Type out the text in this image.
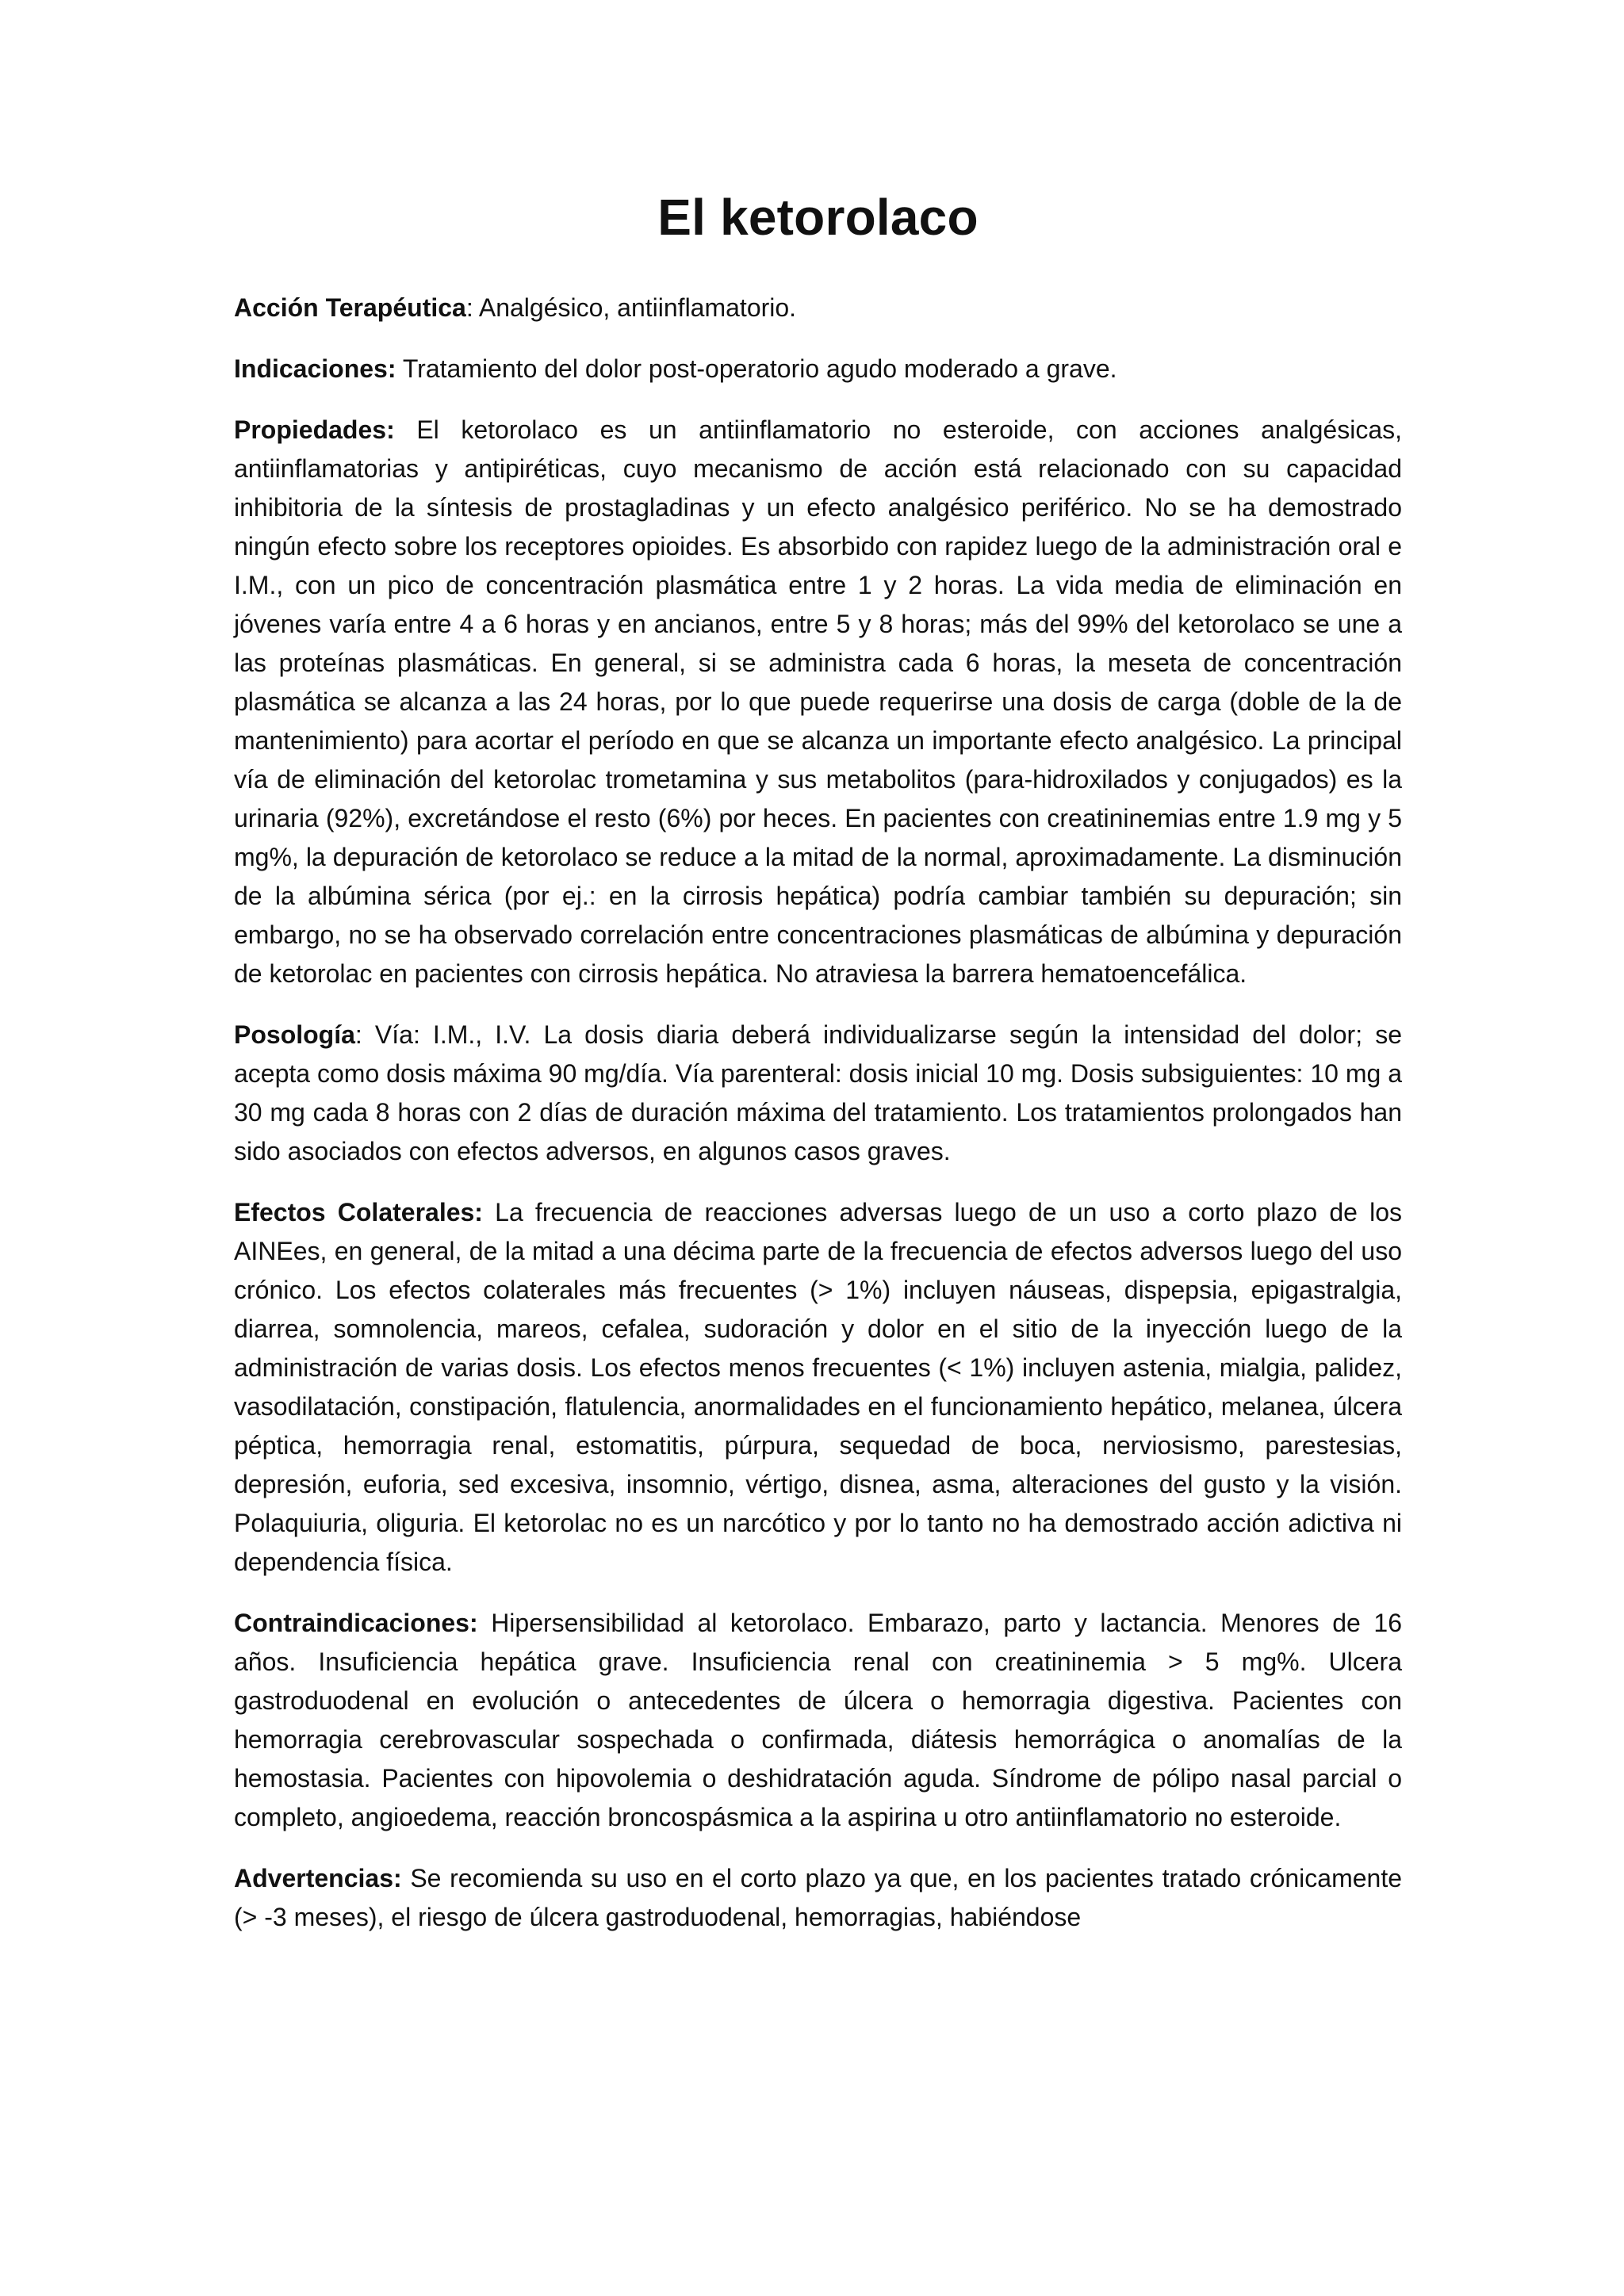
El ketorolaco

Acción Terapéutica: Analgésico, antiinflamatorio.

Indicaciones: Tratamiento del dolor post-operatorio agudo moderado a grave.

Propiedades: El ketorolaco es un antiinflamatorio no esteroide, con acciones analgésicas, antiinflamatorias y antipiréticas, cuyo mecanismo de acción está relacionado con su capacidad inhibitoria de la síntesis de prostagladinas y un efecto analgésico periférico. No se ha demostrado ningún efecto sobre los receptores opioides. Es absorbido con rapidez luego de la administración oral e I.M., con un pico de concentración plasmática entre 1 y 2 horas. La vida media de eliminación en jóvenes varía entre 4 a 6 horas y en ancianos, entre 5 y 8 horas; más del 99% del ketorolaco se une a las proteínas plasmáticas. En general, si se administra cada 6 horas, la meseta de concentración plasmática se alcanza a las 24 horas, por lo que puede requerirse una dosis de carga (doble de la de mantenimiento) para acortar el período en que se alcanza un importante efecto analgésico. La principal vía de eliminación del ketorolac trometamina y sus metabolitos (para-hidroxilados y conjugados) es la urinaria (92%), excretándose el resto (6%) por heces. En pacientes con creatininemias entre 1.9 mg y 5 mg%, la depuración de ketorolaco se reduce a la mitad de la normal, aproximadamente. La disminución de la albúmina sérica (por ej.: en la cirrosis hepática) podría cambiar también su depuración; sin embargo, no se ha observado correlación entre concentraciones plasmáticas de albúmina y depuración de ketorolac en pacientes con cirrosis hepática. No atraviesa la barrera hematoencefálica.

Posología: Vía: I.M., I.V. La dosis diaria deberá individualizarse según la intensidad del dolor; se acepta como dosis máxima 90 mg/día. Vía parenteral: dosis inicial 10 mg. Dosis subsiguientes: 10 mg a 30 mg cada 8 horas con 2 días de duración máxima del tratamiento. Los tratamientos prolongados han sido asociados con efectos adversos, en algunos casos graves.

Efectos Colaterales: La frecuencia de reacciones adversas luego de un uso a corto plazo de los AINEes, en general, de la mitad a una décima parte de la frecuencia de efectos adversos luego del uso crónico. Los efectos colaterales más frecuentes (> 1%) incluyen náuseas, dispepsia, epigastralgia, diarrea, somnolencia, mareos, cefalea, sudoración y dolor en el sitio de la inyección luego de la administración de varias dosis. Los efectos menos frecuentes (< 1%) incluyen astenia, mialgia, palidez, vasodilatación, constipación, flatulencia, anormalidades en el funcionamiento hepático, melanea, úlcera péptica, hemorragia renal, estomatitis, púrpura, sequedad de boca, nerviosismo, parestesias, depresión, euforia, sed excesiva, insomnio, vértigo, disnea, asma, alteraciones del gusto y la visión. Polaquiuria, oliguria. El ketorolac no es un narcótico y por lo tanto no ha demostrado acción adictiva ni dependencia física.

Contraindicaciones: Hipersensibilidad al ketorolaco. Embarazo, parto y lactancia. Menores de 16 años. Insuficiencia hepática grave. Insuficiencia renal con creatininemia > 5 mg%. Ulcera gastroduodenal en evolución o antecedentes de úlcera o hemorragia digestiva. Pacientes con hemorragia cerebrovascular sospechada o confirmada, diátesis hemorrágica o anomalías de la hemostasia. Pacientes con hipovolemia o deshidratación aguda. Síndrome de pólipo nasal parcial o completo, angioedema, reacción broncospásmica a la aspirina u otro antiinflamatorio no esteroide.

Advertencias: Se recomienda su uso en el corto plazo ya que, en los pacientes tratado crónicamente (> -3 meses), el riesgo de úlcera gastroduodenal, hemorragias, habiéndose
